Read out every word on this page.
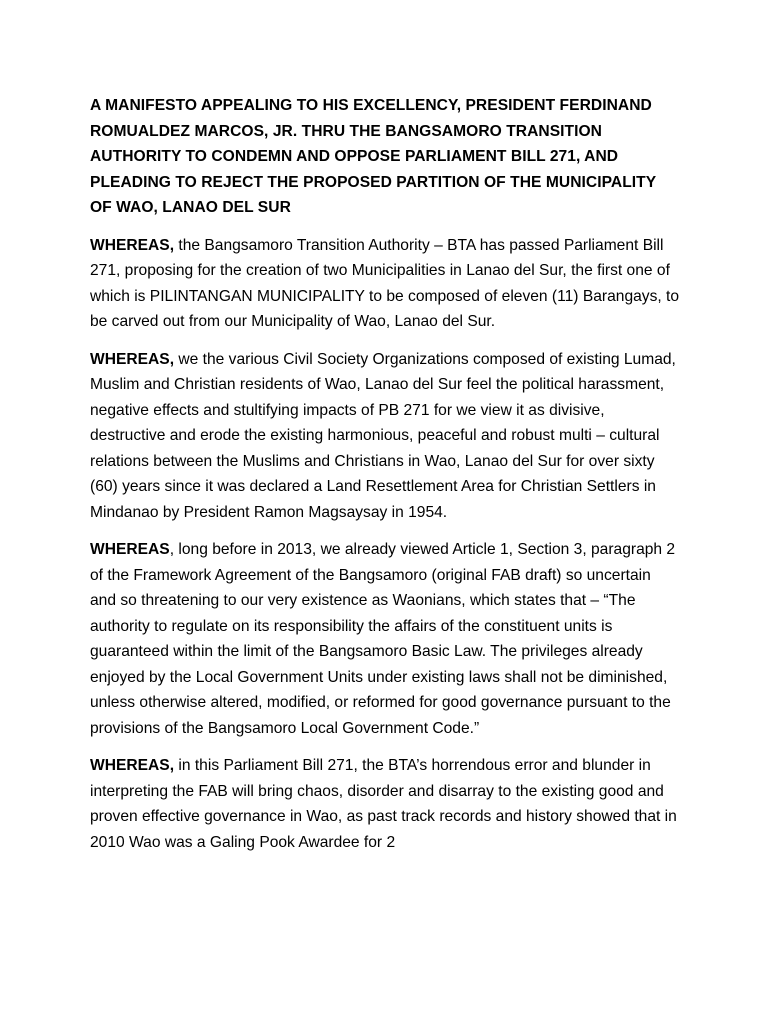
A MANIFESTO APPEALING TO HIS EXCELLENCY, PRESIDENT FERDINAND ROMUALDEZ MARCOS, JR. THRU THE BANGSAMORO TRANSITION AUTHORITY TO CONDEMN AND OPPOSE PARLIAMENT BILL 271, AND PLEADING TO REJECT THE PROPOSED PARTITION OF THE MUNICIPALITY OF WAO, LANAO DEL SUR

WHEREAS, the Bangsamoro Transition Authority – BTA has passed Parliament Bill 271, proposing for the creation of two Municipalities in Lanao del Sur, the first one of which is PILINTANGAN MUNICIPALITY to be composed of eleven (11) Barangays, to be carved out from our Municipality of Wao, Lanao del Sur.

WHEREAS, we the various Civil Society Organizations composed of existing Lumad, Muslim and Christian residents of Wao, Lanao del Sur feel the political harassment, negative effects and stultifying impacts of PB 271 for we view it as divisive, destructive and erode the existing harmonious, peaceful and robust multi – cultural relations between the Muslims and Christians in Wao, Lanao del Sur for over sixty (60) years since it was declared a Land Resettlement Area for Christian Settlers in Mindanao by President Ramon Magsaysay in 1954.

WHEREAS, long before in 2013, we already viewed Article 1, Section 3, paragraph 2 of the Framework Agreement of the Bangsamoro (original FAB draft) so uncertain and so threatening to our very existence as Waonians, which states that – “The authority to regulate on its responsibility the affairs of the constituent units is guaranteed within the limit of the Bangsamoro Basic Law. The privileges already enjoyed by the Local Government Units under existing laws shall not be diminished, unless otherwise altered, modified, or reformed for good governance pursuant to the provisions of the Bangsamoro Local Government Code.”

WHEREAS, in this Parliament Bill 271, the BTA’s horrendous error and blunder in interpreting the FAB will bring chaos, disorder and disarray to the existing good and proven effective governance in Wao, as past track records and history showed that in 2010 Wao was a Galing Pook Awardee for 2
